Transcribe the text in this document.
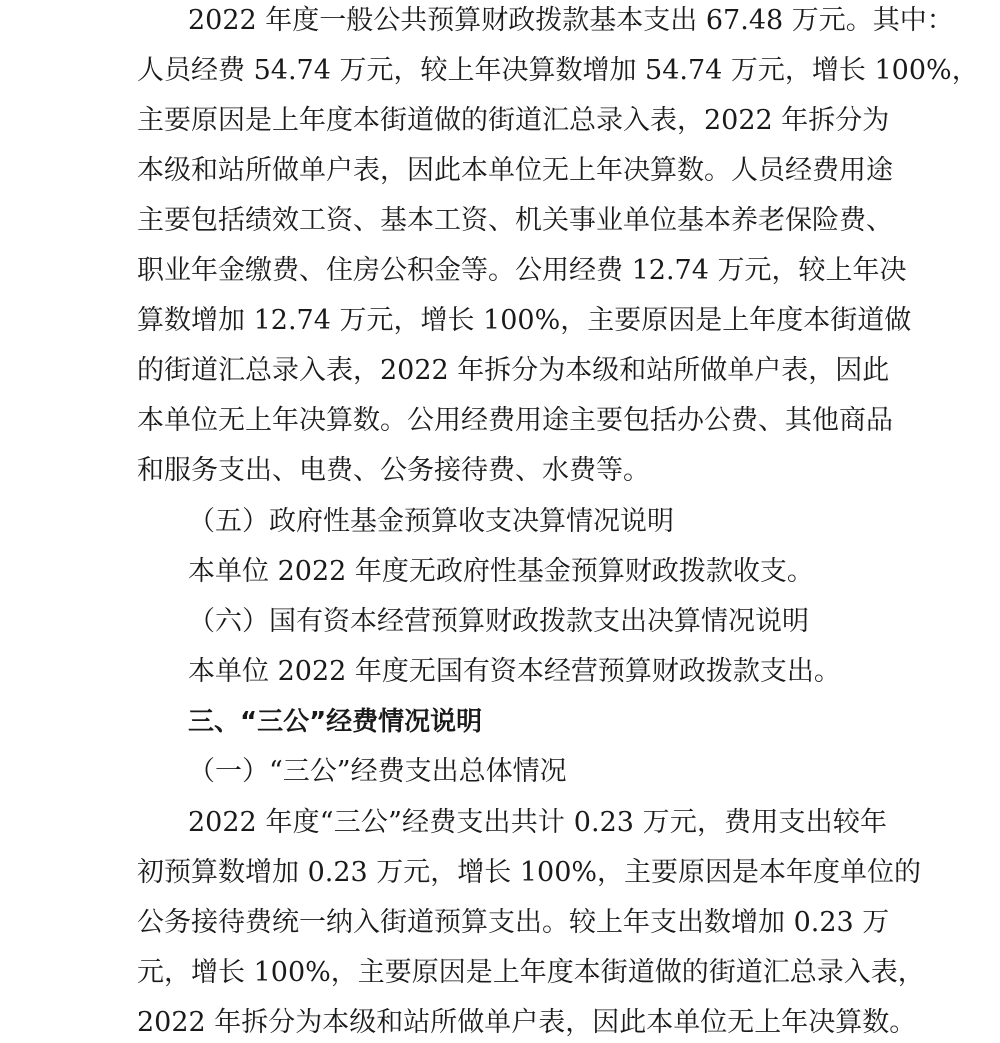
2022 年度一般公共预算财政拨款基本支出 67.48 万元。其中：
人员经费 54.74 万元，较上年决算数增加 54.74 万元，增长 100%，
主要原因是上年度本街道做的街道汇总录入表，2022 年拆分为
本级和站所做单户表，因此本单位无上年决算数。人员经费用途
主要包括绩效工资、基本工资、机关事业单位基本养老保险费、
职业年金缴费、住房公积金等。公用经费 12.74 万元，较上年决
算数增加 12.74 万元，增长 100%，主要原因是上年度本街道做
的街道汇总录入表，2022 年拆分为本级和站所做单户表，因此
本单位无上年决算数。公用经费用途主要包括办公费、其他商品
和服务支出、电费、公务接待费、水费等。
（五）政府性基金预算收支决算情况说明
本单位 2022 年度无政府性基金预算财政拨款收支。
（六）国有资本经营预算财政拨款支出决算情况说明
本单位 2022 年度无国有资本经营预算财政拨款支出。
三、“三公”经费情况说明
（一）“三公”经费支出总体情况
2022 年度“三公”经费支出共计 0.23 万元，费用支出较年
初预算数增加 0.23 万元，增长 100%，主要原因是本年度单位的
公务接待费统一纳入街道预算支出。较上年支出数增加 0.23 万
元，增长 100%，主要原因是上年度本街道做的街道汇总录入表，
2022 年拆分为本级和站所做单户表，因此本单位无上年决算数。
